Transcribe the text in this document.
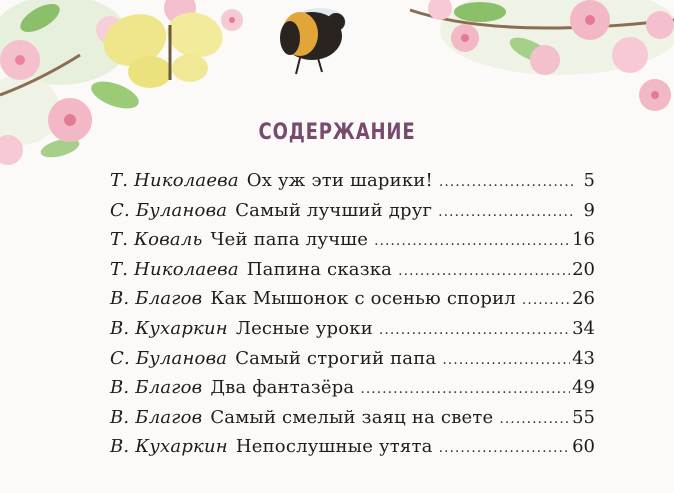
СОДЕРЖАНИЕ
Т. Николаева Ох уж эти шарики! .....	5
С. Буланова Самый лучший друг .....	9
Т. Коваль Чей папа лучше .....	16
Т. Николаева Папина сказка .....	20
В. Благов Как Мышонок с осенью спорил .....	26
В. Кухаркин Лесные уроки .....	34
С. Буланова Самый строгий папа .....	43
В. Благов Два фантазёра .....	49
В. Благов Самый смелый заяц на свете .....	55
В. Кухаркин Непослушные утята .....	60
